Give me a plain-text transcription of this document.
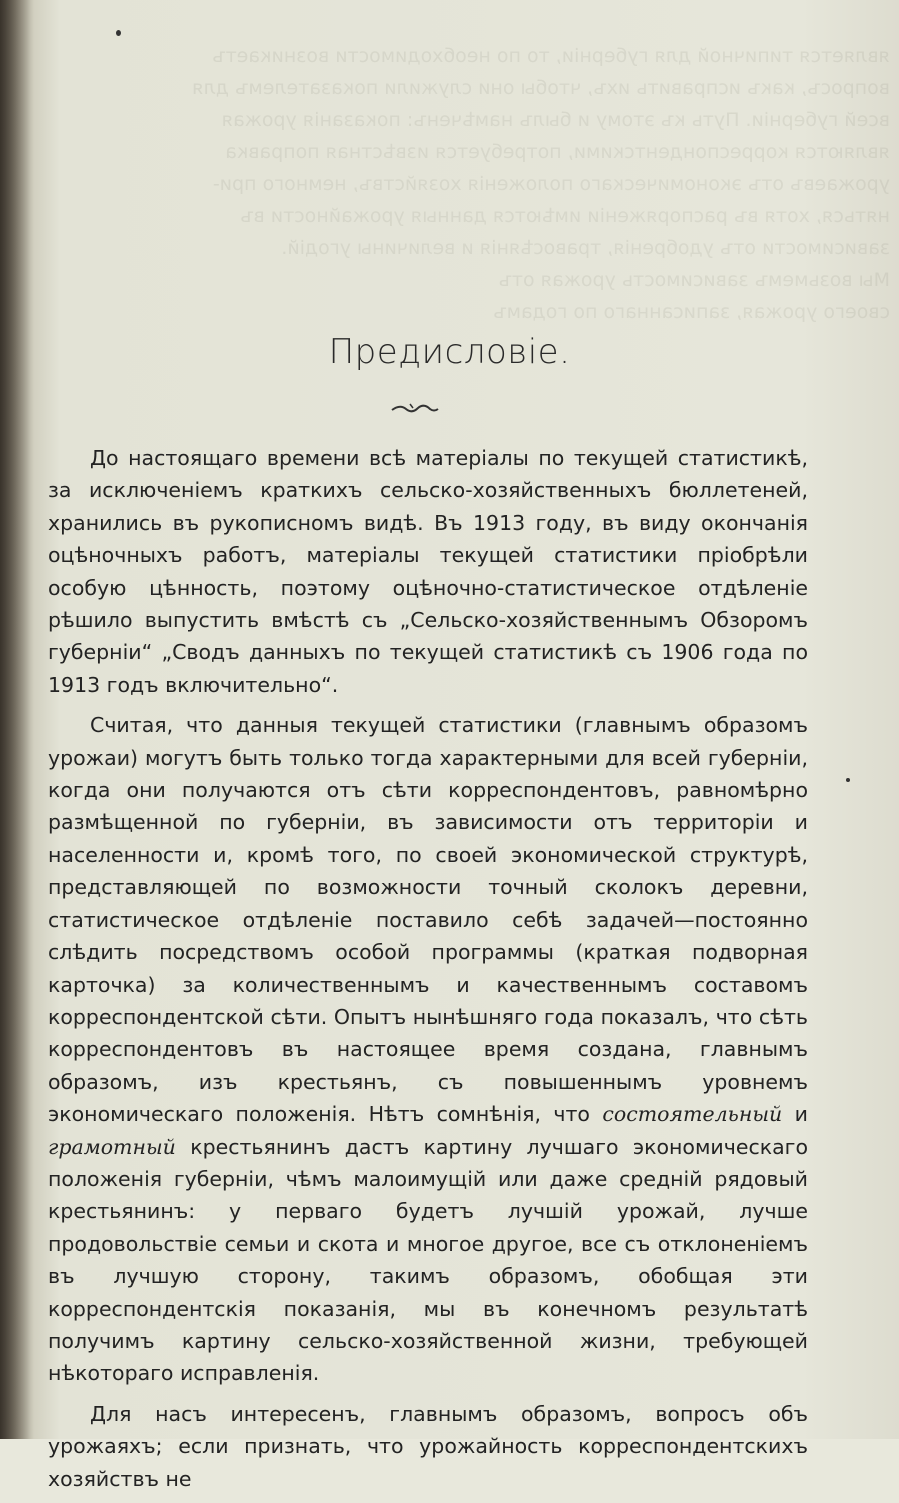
является типичной для губерніи, то по необходимости возникаетъ
вопросъ, какъ исправить ихъ, чтобы они служили показателемъ для
всей губерніи. Путь къ этому и былъ намѣченъ: показанія урожая
являются корреспондентскими, потребуется извѣстная поправка
урожаевъ отъ экономическаго положенія хозяйствъ, немного при-
няться, хотя въ распоряженіи имѣются данныя урожайности въ
зависимости отъ удобренія, травосѣянія и величины угодій.
Мы возьмемъ зависимость урожая отъ
своего урожая, записаннаго по годамъ
Предисловіе.

До настоящаго времени всѣ матеріалы по текущей статистикѣ, за исключеніемъ краткихъ сельско-хозяйственныхъ бюллетеней, хранились въ рукописномъ видѣ. Въ 1913 году, въ виду окончанія оцѣночныхъ работъ, матеріалы текущей статистики пріобрѣли особую цѣнность, поэтому оцѣночно-статистическое отдѣленіе рѣшило выпустить вмѣстѣ съ „Сельско-хозяйственнымъ Обзоромъ губерніи“ „Сводъ данныхъ по текущей статистикѣ съ 1906 года по 1913 годъ включительно“.

Считая, что данныя текущей статистики (главнымъ образомъ урожаи) могутъ быть только тогда характерными для всей губерніи, когда они получаются отъ сѣти корреспондентовъ, равномѣрно размѣщенной по губерніи, въ зависимости отъ территоріи и населенности и, кромѣ того, по своей экономической структурѣ, представляющей по возможности точный сколокъ деревни, статистическое отдѣленіе поставило себѣ задачей—постоянно слѣдить посредствомъ особой программы (краткая подворная карточка) за количественнымъ и качественнымъ составомъ корреспондентской сѣти. Опытъ нынѣшняго года показалъ, что сѣть корреспондентовъ въ настоящее время создана, главнымъ образомъ, изъ крестьянъ, съ повышеннымъ уровнемъ экономическаго положенія. Нѣтъ сомнѣнія, что состоятельный и грамотный крестьянинъ дастъ картину лучшаго экономическаго положенія губерніи, чѣмъ малоимущій или даже средній рядовый крестьянинъ: у перваго будетъ лучшій урожай, лучше продовольствіе семьи и скота и многое другое, все съ отклоненіемъ въ лучшую сторону, такимъ образомъ, обобщая эти корреспондентскія показанія, мы въ конечномъ результатѣ получимъ картину сельско-хозяйственной жизни, требующей нѣкотораго исправленія.

Для насъ интересенъ, главнымъ образомъ, вопросъ объ урожаяхъ; если признать, что урожайность корреспондентскихъ хозяйствъ не
